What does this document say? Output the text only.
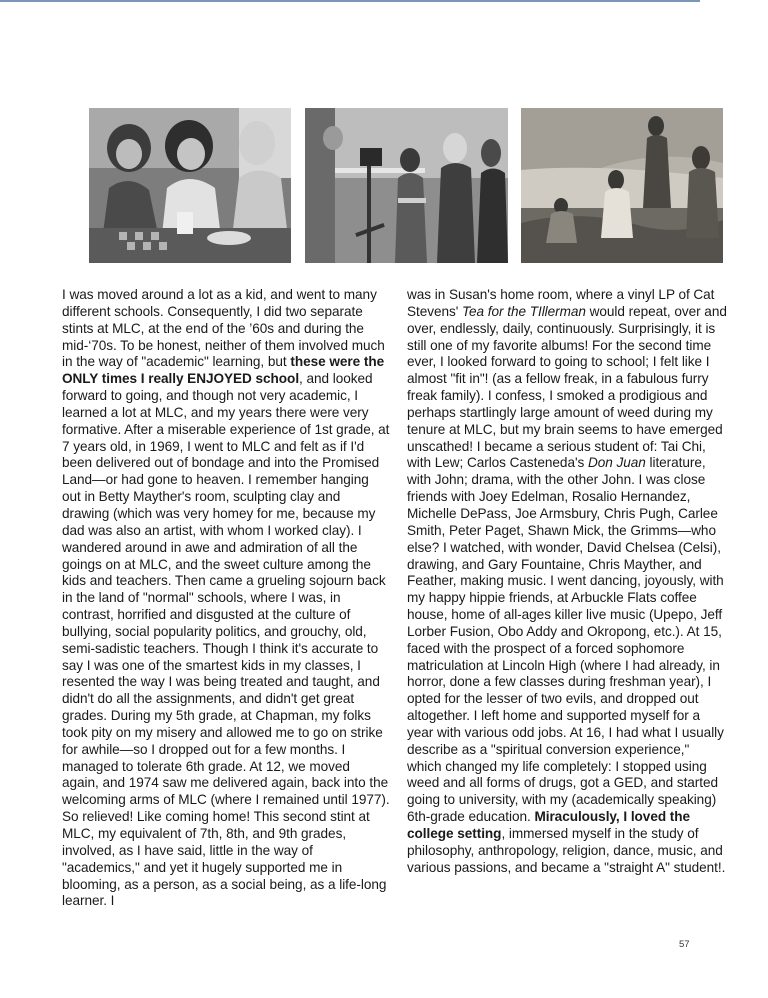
I was moved around a lot as a kid, and went to many different schools. Consequently, I did two separate stints at MLC, at the end of the ’60s and during the mid-‘70s. To be honest, neither of them involved much in the way of "academic" learning, but these were the ONLY times I really ENJOYED school, and looked forward to going, and though not very academic, I learned a lot at MLC, and my years there were very formative. After a miserable experience of 1st grade, at 7 years old, in 1969, I went to MLC and felt as if I'd been delivered out of bondage and into the Promised Land—or had gone to heaven. I remember hanging out in Betty Mayther's room, sculpting clay and drawing (which was very homey for me, because my dad was also an artist, with whom I worked clay). I wandered around in awe and admiration of all the goings on at MLC, and the sweet culture among the kids and teachers. Then came a grueling sojourn back in the land of "normal" schools, where I was, in contrast, horrified and disgusted at the culture of bullying, social popularity politics, and grouchy, old, semi-sadistic teachers. Though I think it's accurate to say I was one of the smartest kids in my classes, I resented the way I was being treated and taught, and didn't do all the assignments, and didn't get great grades. During my 5th grade, at Chapman, my folks took pity on my misery and allowed me to go on strike for awhile—so I dropped out for a few months. I managed to tolerate 6th grade. At 12, we moved again, and 1974 saw me delivered again, back into the welcoming arms of MLC (where I remained until 1977). So relieved! Like coming home! This second stint at MLC, my equivalent of 7th, 8th, and 9th grades, involved, as I have said, little in the way of "academics," and yet it hugely supported me in blooming, as a person, as a social being, as a life-long learner. I

was in Susan's home room, where a vinyl LP of Cat Stevens' Tea for the TIllerman would repeat, over and over, endlessly, daily, continuously. Surprisingly, it is still one of my favorite albums! For the second time ever, I looked forward to going to school; I felt like I almost "fit in"! (as a fellow freak, in a fabulous furry freak family). I confess, I smoked a prodigious and perhaps startlingly large amount of weed during my tenure at MLC, but my brain seems to have emerged unscathed! I became a serious student of: Tai Chi, with Lew; Carlos Casteneda's Don Juan literature, with John; drama, with the other John. I was close friends with Joey Edelman, Rosalio Hernandez, Michelle DePass, Joe Armsbury, Chris Pugh, Carlee Smith, Peter Paget, Shawn Mick, the Grimms—who else? I watched, with wonder, David Chelsea (Celsi), drawing, and Gary Fountaine, Chris Mayther, and Feather, making music. I went dancing, joyously, with my happy hippie friends, at Arbuckle Flats coffee house, home of all-ages killer live music (Upepo, Jeff Lorber Fusion, Obo Addy and Okropong, etc.). At 15, faced with the prospect of a forced sophomore matriculation at Lincoln High (where I had already, in horror, done a few classes during freshman year), I opted for the lesser of two evils, and dropped out altogether. I left home and supported myself for a year with various odd jobs. At 16, I had what I usually describe as a "spiritual conversion experience," which changed my life completely: I stopped using weed and all forms of drugs, got a GED, and started going to university, with my (academically speaking) 6th-grade education. Miraculously, I loved the college setting, immersed myself in the study of philosophy, anthropology, religion, dance, music, and various passions, and became a "straight A" student!.

57
